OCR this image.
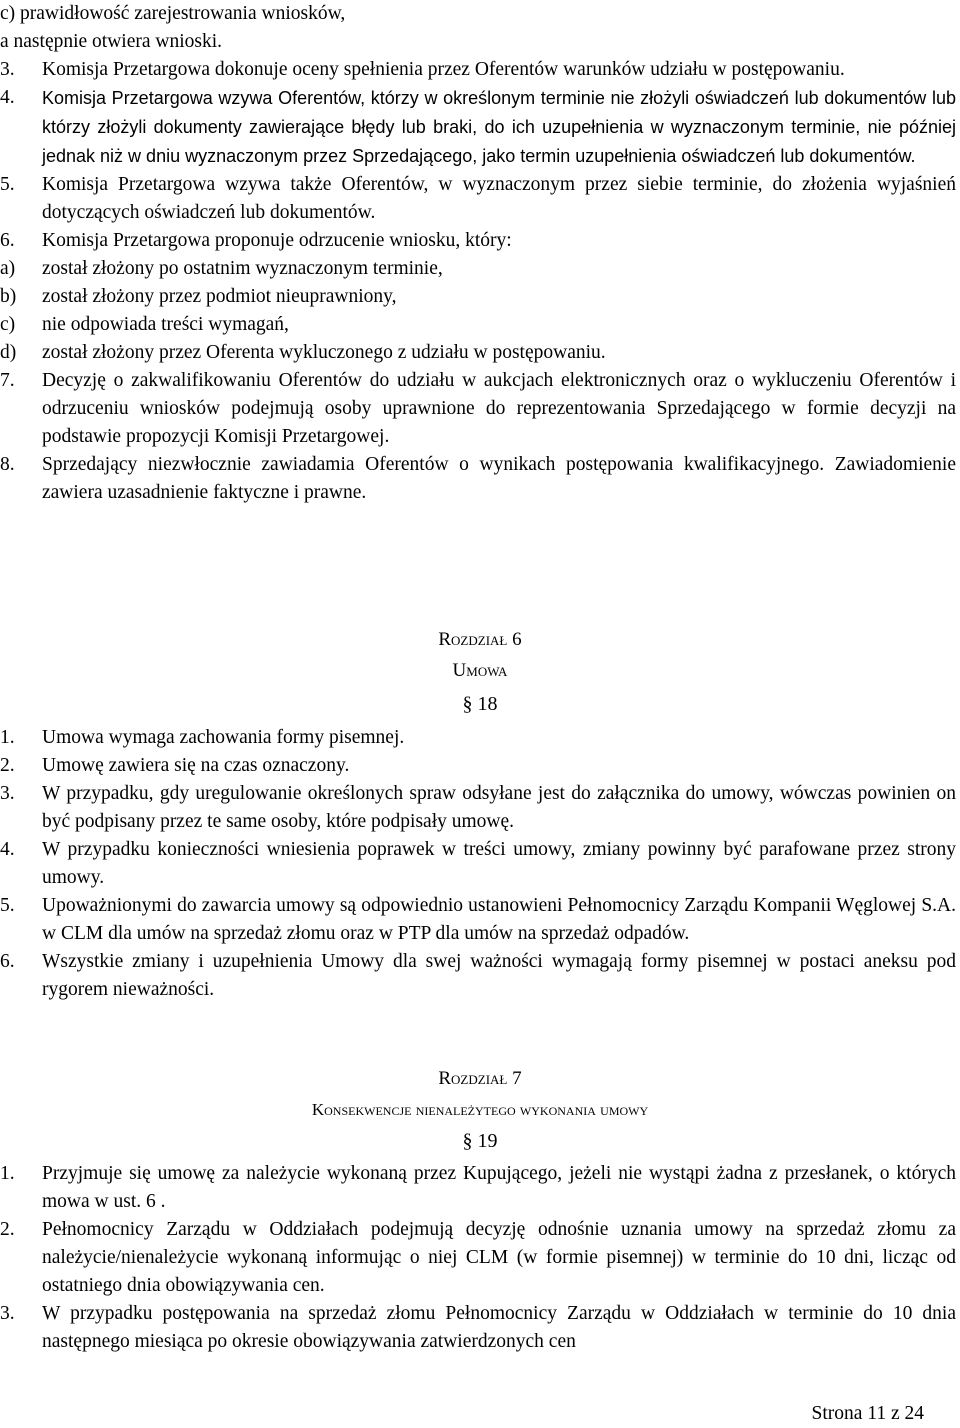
c) prawidłowość zarejestrowania wniosków,
a następnie otwiera wnioski.
3. Komisja Przetargowa dokonuje oceny spełnienia przez Oferentów warunków udziału w postępowaniu.
4. Komisja Przetargowa wzywa Oferentów, którzy w określonym terminie nie złożyli oświadczeń lub dokumentów lub którzy złożyli dokumenty zawierające błędy lub braki, do ich uzupełnienia w wyznaczonym terminie, nie później jednak niż w dniu wyznaczonym przez Sprzedającego, jako termin uzupełnienia oświadczeń lub dokumentów.
5. Komisja Przetargowa wzywa także Oferentów, w wyznaczonym przez siebie terminie, do złożenia wyjaśnień dotyczących oświadczeń lub dokumentów.
6. Komisja Przetargowa proponuje odrzucenie wniosku, który:
a) został złożony po ostatnim wyznaczonym terminie,
b) został złożony przez podmiot nieuprawniony,
c) nie odpowiada treści wymagań,
d) został złożony przez Oferenta wykluczonego z udziału w postępowaniu.
7. Decyzję o zakwalifikowaniu Oferentów do udziału w aukcjach elektronicznych oraz o wykluczeniu Oferentów i odrzuceniu wniosków podejmują osoby uprawnione do reprezentowania Sprzedającego w formie decyzji na podstawie propozycji Komisji Przetargowej.
8. Sprzedający niezwłocznie zawiadamia Oferentów o wynikach postępowania kwalifikacyjnego. Zawiadomienie zawiera uzasadnienie faktyczne i prawne.
Rozdział 6
Umowa
§ 18
1. Umowa wymaga zachowania formy pisemnej.
2. Umowę zawiera się na czas oznaczony.
3. W przypadku, gdy uregulowanie określonych spraw odsyłane jest do załącznika do umowy, wówczas powinien on być podpisany przez te same osoby, które podpisały umowę.
4. W przypadku konieczności wniesienia poprawek w treści umowy, zmiany powinny być parafowane przez strony umowy.
5. Upoważnionymi do zawarcia umowy są odpowiednio ustanowieni Pełnomocnicy Zarządu Kompanii Węglowej S.A. w CLM dla umów na sprzedaż złomu oraz w PTP dla umów na sprzedaż odpadów.
6. Wszystkie zmiany i uzupełnienia Umowy dla swej ważności wymagają formy pisemnej w postaci aneksu pod rygorem nieważności.
Rozdział 7
Konsekwencje nienależytego wykonania umowy
§ 19
1. Przyjmuje się umowę za należycie wykonaną przez Kupującego, jeżeli nie wystąpi żadna z przesłanek, o których mowa w ust. 6 .
2. Pełnomocnicy Zarządu w Oddziałach podejmują decyzję odnośnie uznania umowy na sprzedaż złomu za należycie/nienależycie wykonaną informując o niej CLM (w formie pisemnej) w terminie do 10 dni, licząc od ostatniego dnia obowiązywania cen.
3. W przypadku postępowania na sprzedaż złomu Pełnomocnicy Zarządu w Oddziałach w terminie do 10 dnia następnego miesiąca po okresie obowiązywania zatwierdzonych cen
Strona 11 z 24
